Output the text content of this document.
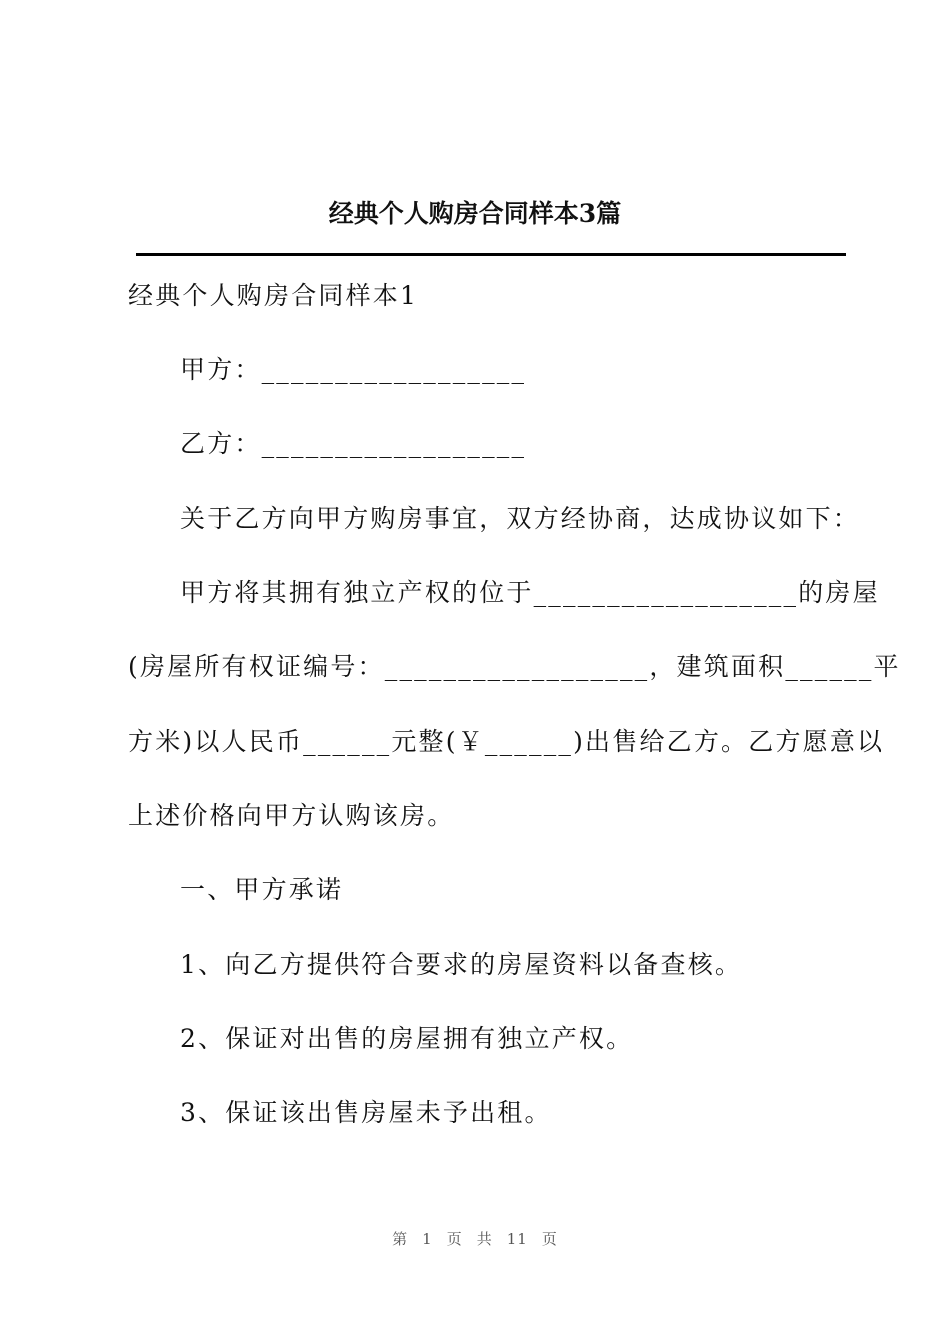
经典个人购房合同样本3篇
经典个人购房合同样本1
甲方：__________________
乙方：__________________
关于乙方向甲方购房事宜，双方经协商，达成协议如下：
甲方将其拥有独立产权的位于__________________的房屋
(房屋所有权证编号：__________________，建筑面积______平
方米)以人民币______元整(￥______)出售给乙方。乙方愿意以
上述价格向甲方认购该房。
一、甲方承诺
1、向乙方提供符合要求的房屋资料以备查核。
2、保证对出售的房屋拥有独立产权。
3、保证该出售房屋未予出租。
第 1 页 共 11 页
